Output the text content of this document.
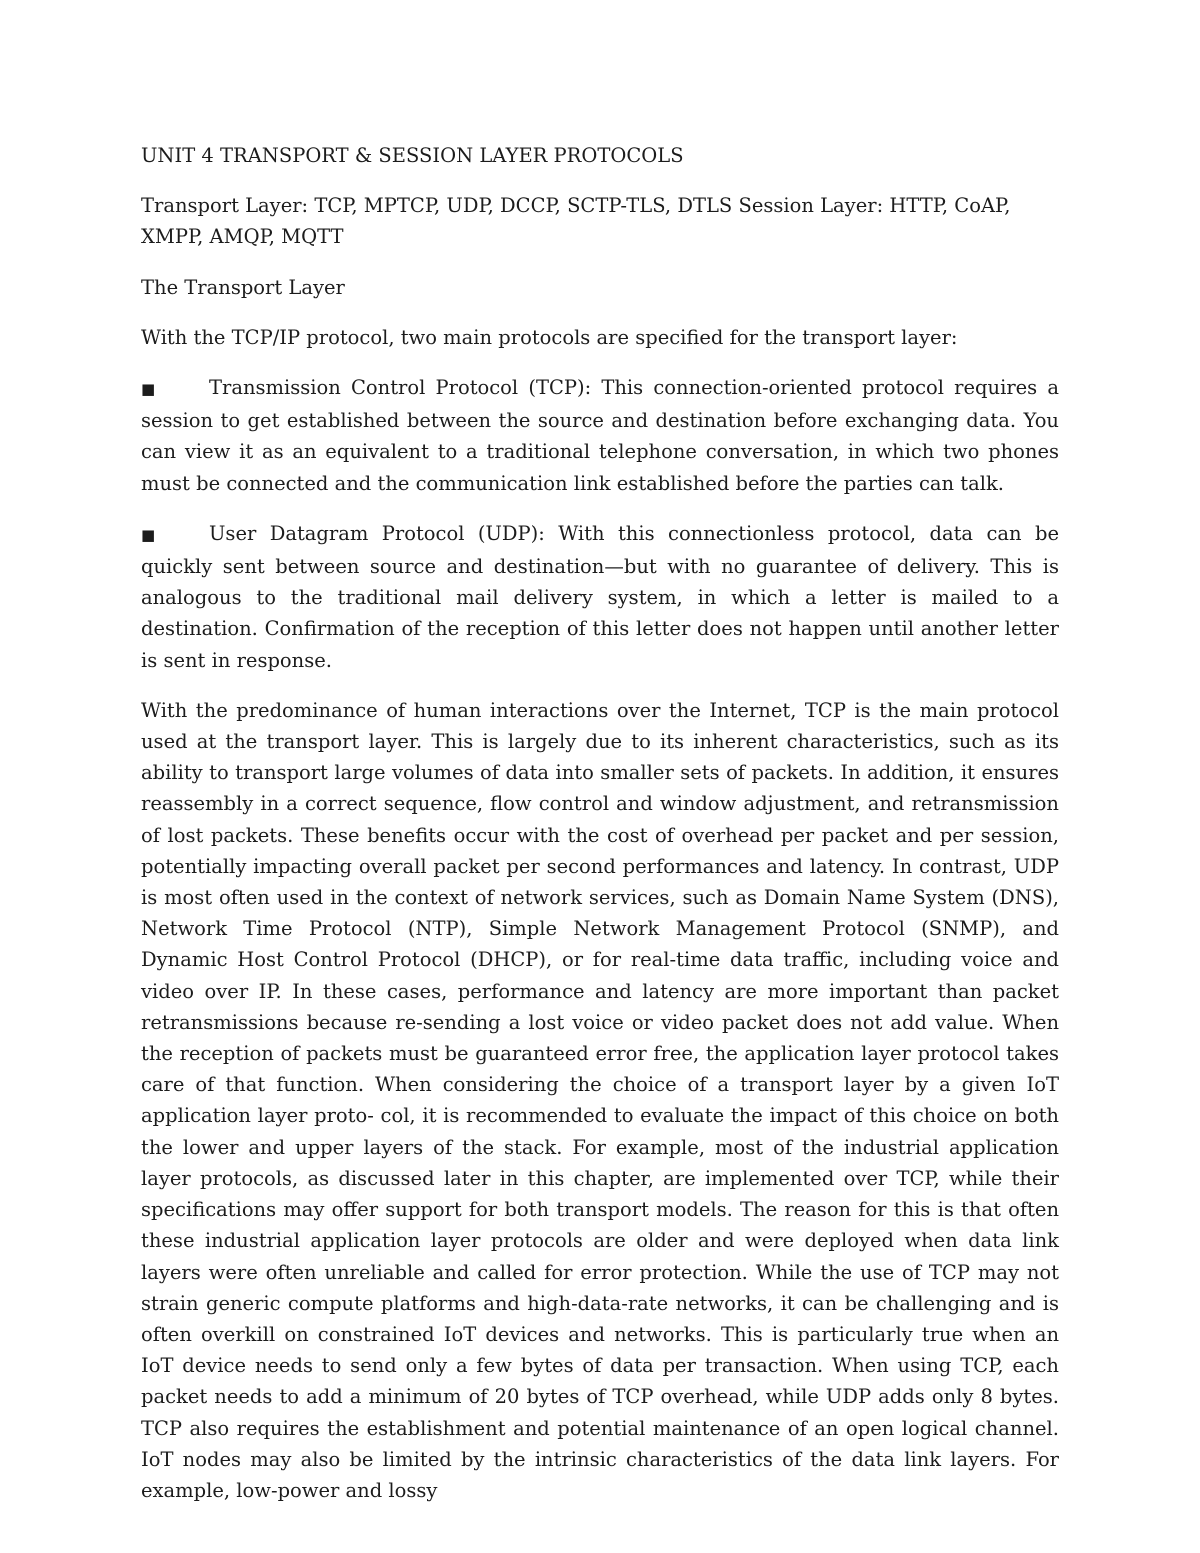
UNIT 4 TRANSPORT & SESSION LAYER PROTOCOLS

Transport Layer: TCP, MPTCP, UDP, DCCP, SCTP-TLS, DTLS Session Layer: HTTP, CoAP, XMPP, AMQP, MQTT

The Transport Layer

With the TCP/IP protocol, two main protocols are specified for the transport layer:

■	Transmission Control Protocol (TCP): This connection-oriented protocol requires a session to get established between the source and destination before exchanging data. You can view it as an equivalent to a traditional telephone conversation, in which two phones must be connected and the communication link established before the parties can talk.

■	User Datagram Protocol (UDP): With this connectionless protocol, data can be quickly sent between source and destination—but with no guarantee of delivery. This is analogous to the traditional mail delivery system, in which a letter is mailed to a destination. Confirmation of the reception of this letter does not happen until another letter is sent in response.

With the predominance of human interactions over the Internet, TCP is the main protocol used at the transport layer. This is largely due to its inherent characteristics, such as its ability to transport large volumes of data into smaller sets of packets. In addition, it ensures reassembly in a correct sequence, flow control and window adjustment, and retransmission of lost packets. These benefits occur with the cost of overhead per packet and per session, potentially impacting overall packet per second performances and latency. In contrast, UDP is most often used in the context of network services, such as Domain Name System (DNS), Network Time Protocol (NTP), Simple Network Management Protocol (SNMP), and Dynamic Host Control Protocol (DHCP), or for real-time data traffic, including voice and video over IP. In these cases, performance and latency are more important than packet retransmissions because re-sending a lost voice or video packet does not add value. When the reception of packets must be guaranteed error free, the application layer protocol takes care of that function. When considering the choice of a transport layer by a given IoT application layer proto- col, it is recommended to evaluate the impact of this choice on both the lower and upper layers of the stack. For example, most of the industrial application layer protocols, as discussed later in this chapter, are implemented over TCP, while their specifications may offer support for both transport models. The reason for this is that often these industrial application layer protocols are older and were deployed when data link layers were often unreliable and called for error protection. While the use of TCP may not strain generic compute platforms and high-data-rate networks, it can be challenging and is often overkill on constrained IoT devices and networks. This is particularly true when an IoT device needs to send only a few bytes of data per transaction. When using TCP, each packet needs to add a minimum of 20 bytes of TCP overhead, while UDP adds only 8 bytes. TCP also requires the establishment and potential maintenance of an open logical channel. IoT nodes may also be limited by the intrinsic characteristics of the data link layers. For example, low-power and lossy
